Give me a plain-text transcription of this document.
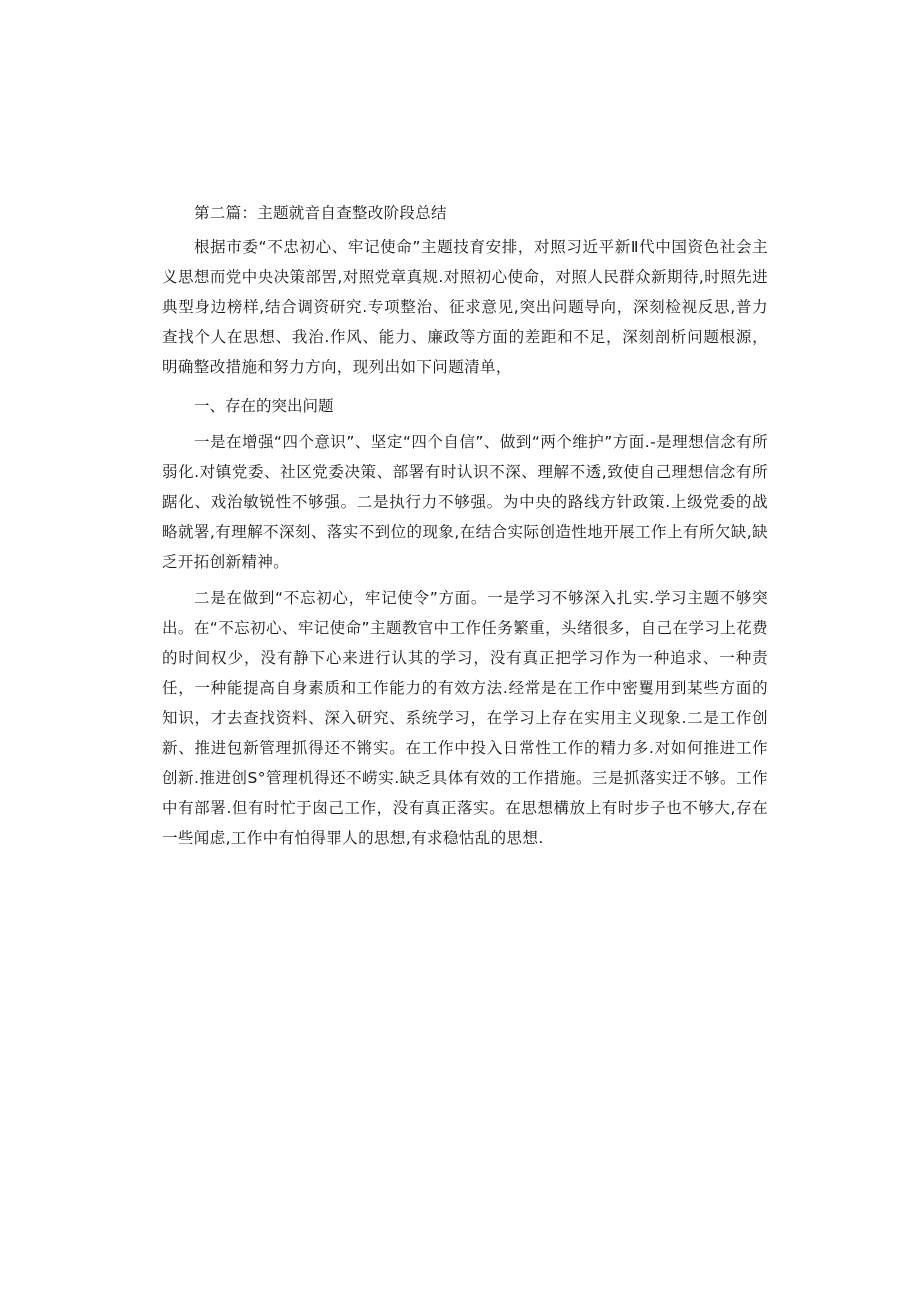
第二篇：主题就音自查整改阶段总结

根据市委“不忠初心、牢记使命”主题技育安排，对照习近平新Ⅱ代中国资色社会主义思想而党中央决策部罟,对照党章真规.对照初心使命，对照人民群众新期待,时照先进典型身边榜样,结合调资研究.专项整治、征求意见,突出问题导向，深刻检视反思,普力查找个人在思想、我治.作风、能力、廉政等方面的差距和不足，深刻剖析问题根源，明确整改措施和努力方向，现列出如下问题清单，

一、存在的突出问题

一是在增强“四个意识”、坚定“四个自信”、做到“两个维护”方面.-是理想信念有所弱化.对镇党委、社区党委决策、部署有时认识不深、理解不透,致使自己理想信念有所踞化、戏治敏锐性不够强。二是执行力不够强。为中央的路线方针政策.上级党委的战略就署,有理解不深刻、落实不到位的现象,在结合实际创造性地开展工作上有所欠缺,缺乏开拓创新精神。

二是在做到“不忘初心，牢记使令”方面。一是学习不够深入扎实.学习主题不够突出。在“不忘初心、牢记使命”主题教官中工作任务繁重，头绪很多，自己在学习上花费的时间权少，没有静下心来进行认其的学习，没有真正把学习作为一种追求、一种责任，一种能提高自身素质和工作能力的有效方法.经常是在工作中密矍用到某些方面的知识，才去查找资料、深入研究、系统学习，在学习上存在实用主义现象.二是工作创新、推进包新管理抓得还不锵实。在工作中投入日常性工作的精力多.对如何推进工作创新.推进创S°管理机得还不崂实.缺乏具体有效的工作措施。三是抓落实迂不够。工作中有部署.但有时忙于囱己工作，没有真正落实。在思想構放上有时步子也不够大,存在一些闻虑,工作中有怕得罪人的思想,有求稳怙乱的思想.
